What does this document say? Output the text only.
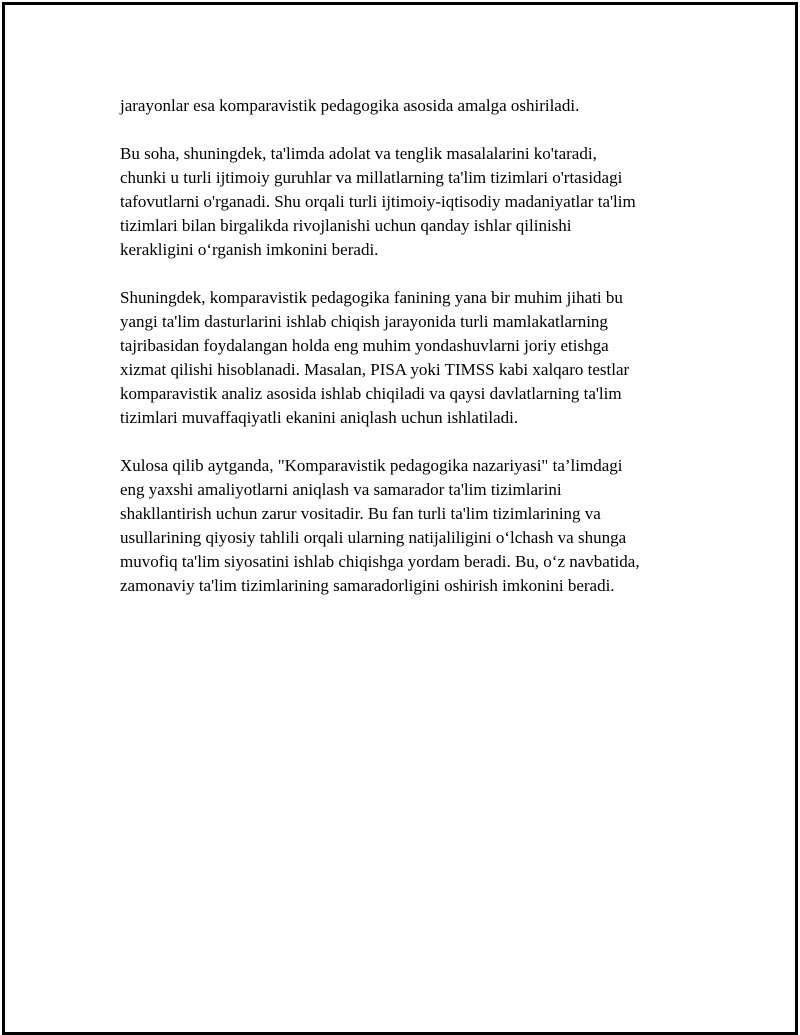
jarayonlar esa komparavistik pedagogika asosida amalga oshiriladi.

Bu soha, shuningdek, ta'limda adolat va tenglik masalalarini ko'taradi,
chunki u turli ijtimoiy guruhlar va millatlarning ta'lim tizimlari o'rtasidagi
tafovutlarni o'rganadi. Shu orqali turli ijtimoiy-iqtisodiy madaniyatlar ta'lim
tizimlari bilan birgalikda rivojlanishi uchun qanday ishlar qilinishi
kerakligini o‘rganish imkonini beradi.

Shuningdek, komparavistik pedagogika fanining yana bir muhim jihati bu
yangi ta'lim dasturlarini ishlab chiqish jarayonida turli mamlakatlarning
tajribasidan foydalangan holda eng muhim yondashuvlarni joriy etishga
xizmat qilishi hisoblanadi. Masalan, PISA yoki TIMSS kabi xalqaro testlar
komparavistik analiz asosida ishlab chiqiladi va qaysi davlatlarning ta'lim
tizimlari muvaffaqiyatli ekanini aniqlash uchun ishlatiladi.

Xulosa qilib aytganda, "Komparavistik pedagogika nazariyasi" ta’limdagi
eng yaxshi amaliyotlarni aniqlash va samarador ta'lim tizimlarini
shakllantirish uchun zarur vositadir. Bu fan turli ta'lim tizimlarining va
usullarining qiyosiy tahlili orqali ularning natijaliligini o‘lchash va shunga
muvofiq ta'lim siyosatini ishlab chiqishga yordam beradi. Bu, o‘z navbatida,
zamonaviy ta'lim tizimlarining samaradorligini oshirish imkonini beradi.
